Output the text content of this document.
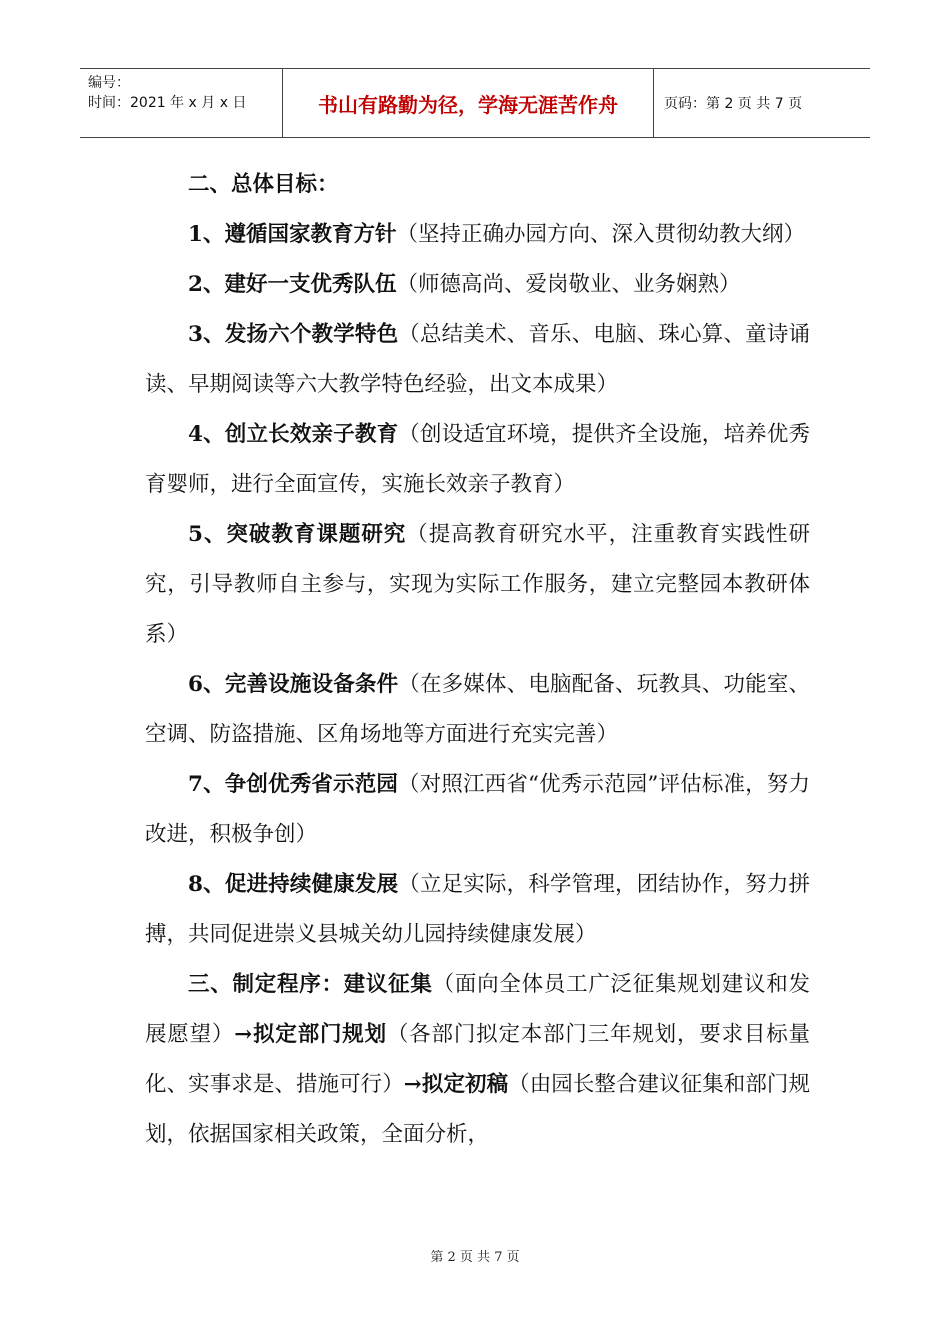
编号：
时间：2021 年 x 月 x 日	书山有路勤为径，学海无涯苦作舟	页码：第 2 页 共 7 页

二、总体目标：

1、遵循国家教育方针（坚持正确办园方向、深入贯彻幼教大纲）

2、建好一支优秀队伍（师德高尚、爱岗敬业、业务娴熟）

3、发扬六个教学特色（总结美术、音乐、电脑、珠心算、童诗诵读、早期阅读等六大教学特色经验，出文本成果）

4、创立长效亲子教育（创设适宜环境，提供齐全设施，培养优秀育婴师，进行全面宣传，实施长效亲子教育）

5、突破教育课题研究（提高教育研究水平，注重教育实践性研究，引导教师自主参与，实现为实际工作服务，建立完整园本教研体系）

6、完善设施设备条件（在多媒体、电脑配备、玩教具、功能室、空调、防盗措施、区角场地等方面进行充实完善）

7、争创优秀省示范园（对照江西省“优秀示范园”评估标准，努力改进，积极争创）

8、促进持续健康发展（立足实际，科学管理，团结协作，努力拼搏，共同促进崇义县城关幼儿园持续健康发展）

三、制定程序：建议征集（面向全体员工广泛征集规划建议和发展愿望）→拟定部门规划（各部门拟定本部门三年规划，要求目标量化、实事求是、措施可行）→拟定初稿（由园长整合建议征集和部门规划，依据国家相关政策，全面分析，

第 2 页 共 7 页
